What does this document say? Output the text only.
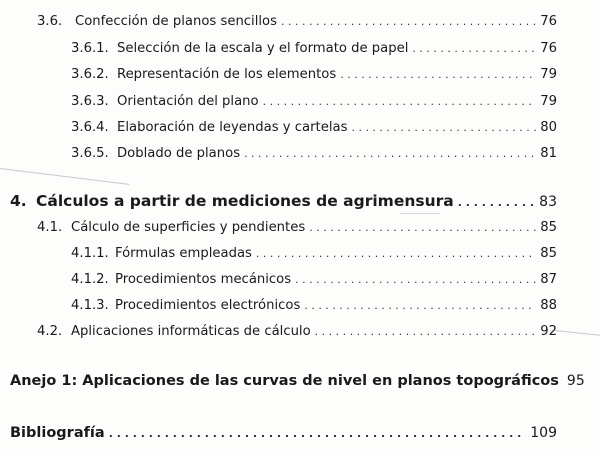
3.6. Confección de planos sencillos . . .	76
3.6.1. Selección de la escala y el formato de papel . . .	76
3.6.2. Representación de los elementos . . .	79
3.6.3. Orientación del plano . . .	79
3.6.4. Elaboración de leyendas y cartelas . . .	80
3.6.5. Doblado de planos . . .	81
4. Cálculos a partir de mediciones de agrimensura . . .	83
4.1. Cálculo de superficies y pendientes . . .	85
4.1.1. Fórmulas empleadas . . .	85
4.1.2. Procedimientos mecánicos . . .	87
4.1.3. Procedimientos electrónicos . . .	88
4.2. Aplicaciones informáticas de cálculo . . .	92
Anejo 1: Aplicaciones de las curvas de nivel en planos topográficos 95
Bibliografía . . .	109
